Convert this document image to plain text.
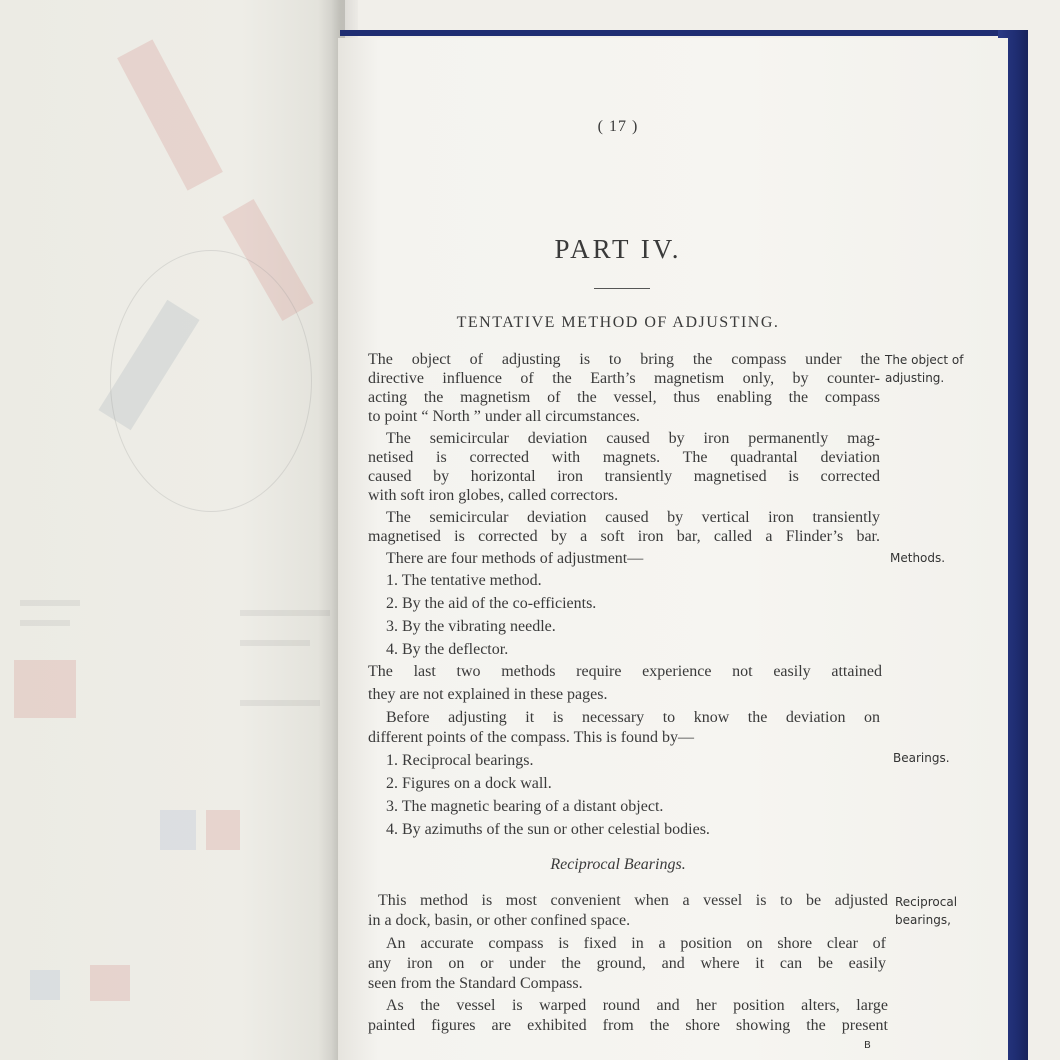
( 17 )
PART IV.
TENTATIVE METHOD OF ADJUSTING.
The object of adjusting is to bring the compass under the
directive influence of the Earth’s magnetism only, by counter-
acting the magnetism of the vessel, thus enabling the compass
to point “ North ” under all circumstances.
The semicircular deviation caused by iron permanently mag-
netised is corrected with magnets. The quadrantal deviation
caused by horizontal iron transiently magnetised is corrected
with soft iron globes, called correctors.
The semicircular deviation caused by vertical iron transiently
magnetised is corrected by a soft iron bar, called a Flinder’s bar.
There are four methods of adjustment—
1. The tentative method.
2. By the aid of the co-efficients.
3. By the vibrating needle.
4. By the deflector.
The last two methods require experience not easily attained
they are not explained in these pages.
Before adjusting it is necessary to know the deviation on
different points of the compass. This is found by—
1. Reciprocal bearings.
2. Figures on a dock wall.
3. The magnetic bearing of a distant object.
4. By azimuths of the sun or other celestial bodies.
Reciprocal Bearings.
This method is most convenient when a vessel is to be adjusted
in a dock, basin, or other confined space.
An accurate compass is fixed in a position on shore clear of
any iron on or under the ground, and where it can be easily
seen from the Standard Compass.
As the vessel is warped round and her position alters, large
painted figures are exhibited from the shore showing the present
The object of
adjusting.
Methods.
Bearings.
Reciprocal
bearings,
B
